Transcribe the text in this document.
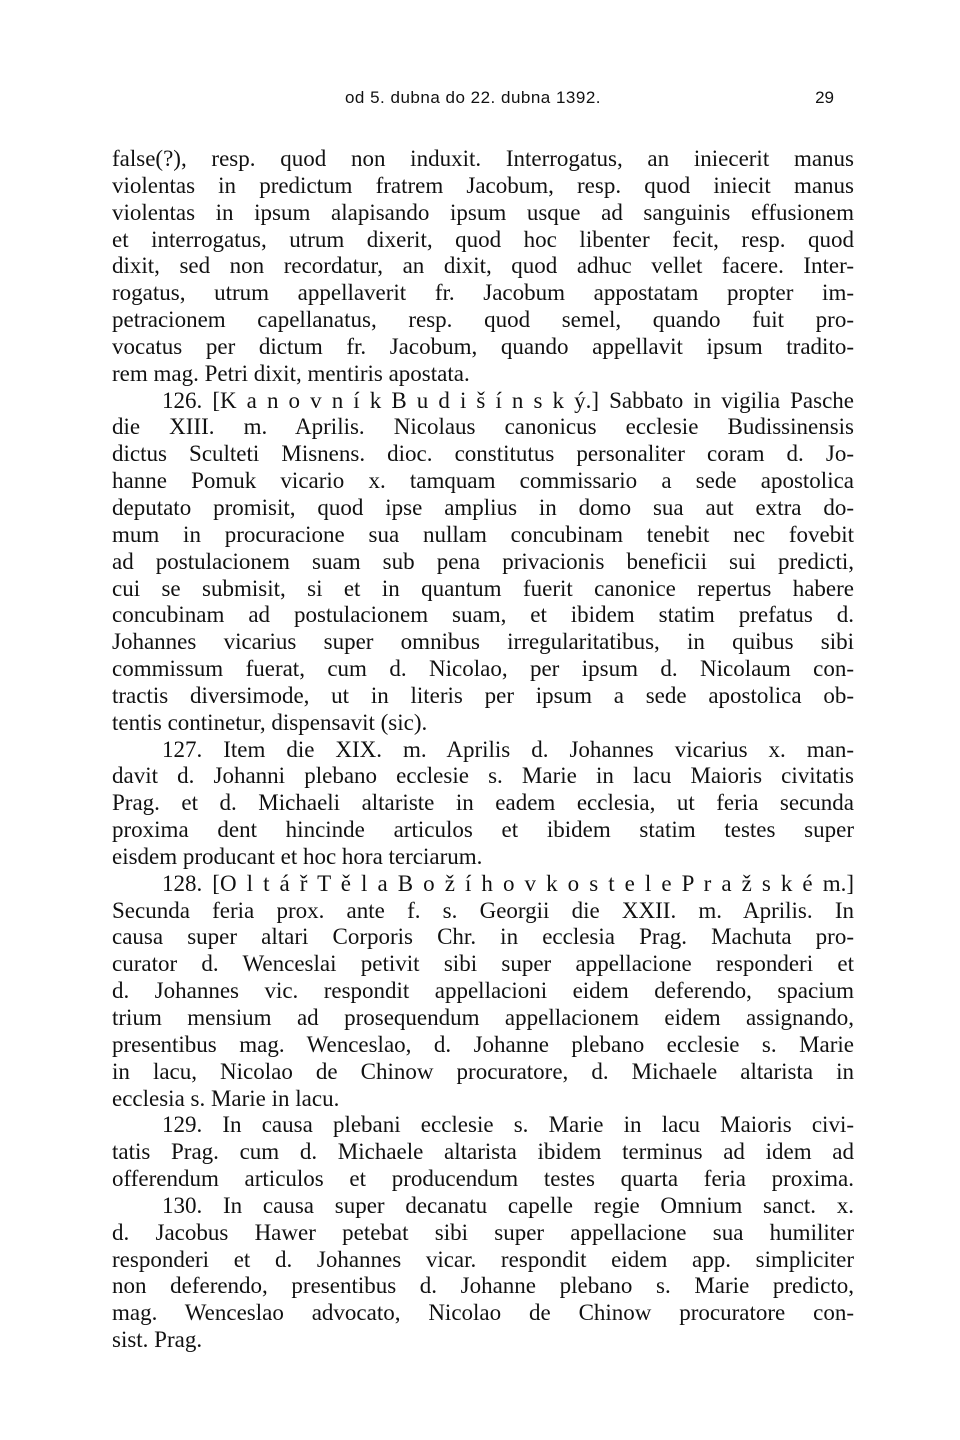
od 5. dubna do 22. dubna 1392.	29
false(?), resp. quod non induxit. Interrogatus, an iniecerit manus
violentas in predictum fratrem Jacobum, resp. quod iniecit manus
violentas in ipsum alapisando ipsum usque ad sanguinis effusionem
et interrogatus, utrum dixerit, quod hoc libenter fecit, resp. quod
dixit, sed non recordatur, an dixit, quod adhuc vellet facere. Inter-
rogatus, utrum appellaverit fr. Jacobum appostatam propter im-
petracionem capellanatus, resp. quod semel, quando fuit pro-
vocatus per dictum fr. Jacobum, quando appellavit ipsum tradito-
rem mag. Petri dixit, mentiris apostata.
126. [K a n o v n í k B u d i š í n s k ý.] Sabbato in vigilia Pasche
die XIII. m. Aprilis. Nicolaus canonicus ecclesie Budissinensis
dictus Sculteti Misnens. dioc. constitutus personaliter coram d. Jo-
hanne Pomuk vicario x. tamquam commissario a sede apostolica
deputato promisit, quod ipse amplius in domo sua aut extra do-
mum in procuracione sua nullam concubinam tenebit nec fovebit
ad postulacionem suam sub pena privacionis beneficii sui predicti,
cui se submisit, si et in quantum fuerit canonice repertus habere
concubinam ad postulacionem suam, et ibidem statim prefatus d.
Johannes vicarius super omnibus irregularitatibus, in quibus sibi
commissum fuerat, cum d. Nicolao, per ipsum d. Nicolaum con-
tractis diversimode, ut in literis per ipsum a sede apostolica ob-
tentis continetur, dispensavit (sic).
127. Item die XIX. m. Aprilis d. Johannes vicarius x. man-
davit d. Johanni plebano ecclesie s. Marie in lacu Maioris civitatis
Prag. et d. Michaeli altariste in eadem ecclesia, ut feria secunda
proxima dent hincinde articulos et ibidem statim testes super
eisdem producant et hoc hora terciarum.
128. [O l t á ř T ě l a B o ž í h o v k o s t e l e P r a ž s k é m.]
Secunda feria prox. ante f. s. Georgii die XXII. m. Aprilis. In
causa super altari Corporis Chr. in ecclesia Prag. Machuta pro-
curator d. Wenceslai petivit sibi super appellacione responderi et
d. Johannes vic. respondit appellacioni eidem deferendo, spacium
trium mensium ad prosequendum appellacionem eidem assignando,
presentibus mag. Wenceslao, d. Johanne plebano ecclesie s. Marie
in lacu, Nicolao de Chinow procuratore, d. Michaele altarista in
ecclesia s. Marie in lacu.
129. In causa plebani ecclesie s. Marie in lacu Maioris civi-
tatis Prag. cum d. Michaele altarista ibidem terminus ad idem ad
offerendum articulos et producendum testes quarta feria proxima.
130. In causa super decanatu capelle regie Omnium sanct. x.
d. Jacobus Hawer petebat sibi super appellacione sua humiliter
responderi et d. Johannes vicar. respondit eidem app. simpliciter
non deferendo, presentibus d. Johanne plebano s. Marie predicto,
mag. Wenceslao advocato, Nicolao de Chinow procuratore con-
sist. Prag.
